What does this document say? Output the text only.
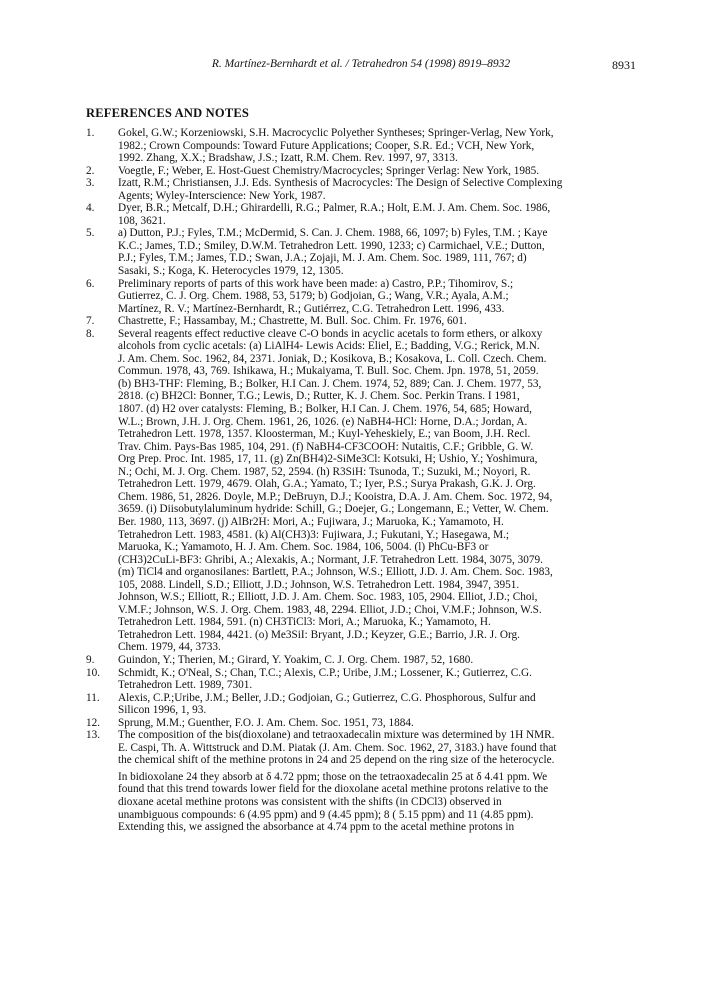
R. Martínez-Bernhardt et al. / Tetrahedron 54 (1998) 8919–8932	8931
REFERENCES AND NOTES
1.	Gokel, G.W.; Korzeniowski, S.H. Macrocyclic Polyether Syntheses; Springer-Verlag, New York,
1982.; Crown Compounds: Toward Future Applications; Cooper, S.R. Ed.; VCH, New York,
1992. Zhang, X.X.; Bradshaw, J.S.; Izatt, R.M. Chem. Rev. 1997, 97, 3313.
2.	Voegtle, F.; Weber, E. Host-Guest Chemistry/Macrocycles; Springer Verlag: New York, 1985.
3.	Izatt, R.M.; Christiansen, J.J. Eds. Synthesis of Macrocycles: The Design of Selective Complexing
Agents; Wyley-Interscience: New York, 1987.
4.	Dyer, B.R.; Metcalf, D.H.; Ghirardelli, R.G.; Palmer, R.A.; Holt, E.M. J. Am. Chem. Soc. 1986,
108, 3621.
5.	a) Dutton, P.J.; Fyles, T.M.; McDermid, S. Can. J. Chem. 1988, 66, 1097; b) Fyles, T.M. ; Kaye
K.C.; James, T.D.; Smiley, D.W.M. Tetrahedron Lett. 1990, 1233; c) Carmichael, V.E.; Dutton,
P.J.; Fyles, T.M.; James, T.D.; Swan, J.A.; Zojaji, M. J. Am. Chem. Soc. 1989, 111, 767; d)
Sasaki, S.; Koga, K. Heterocycles 1979, 12, 1305.
6.	Preliminary reports of parts of this work have been made: a) Castro, P.P.; Tihomirov, S.;
Gutierrez, C. J. Org. Chem. 1988, 53, 5179; b) Godjoian, G.; Wang, V.R.; Ayala, A.M.;
Martínez, R. V.; Martínez-Bernhardt, R.; Gutiérrez, C.G. Tetrahedron Lett. 1996, 433.
7.	Chastrette, F.; Hassambay, M.; Chastrette, M. Bull. Soc. Chim. Fr. 1976, 601.
8.	Several reagents effect reductive cleave C-O bonds in acyclic acetals to form ethers, or alkoxy
alcohols from cyclic acetals: (a) LiAlH4- Lewis Acids: Eliel, E.; Badding, V.G.; Rerick, M.N.
J. Am. Chem. Soc. 1962, 84, 2371. Joniak, D.; Kosikova, B.; Kosakova, L. Coll. Czech. Chem.
Commun. 1978, 43, 769. Ishikawa, H.; Mukaiyama, T. Bull. Soc. Chem. Jpn. 1978, 51, 2059.
(b) BH3-THF: Fleming, B.; Bolker, H.I Can. J. Chem. 1974, 52, 889; Can. J. Chem. 1977, 53,
2818. (c) BH2Cl: Bonner, T.G.; Lewis, D.; Rutter, K. J. Chem. Soc. Perkin Trans. I 1981,
1807. (d) H2 over catalysts: Fleming, B.; Bolker, H.I Can. J. Chem. 1976, 54, 685; Howard,
W.L.; Brown, J.H. J. Org. Chem. 1961, 26, 1026. (e) NaBH4-HCl: Horne, D.A.; Jordan, A.
Tetrahedron Lett. 1978, 1357. Kloosterman, M.; Kuyl-Yeheskiely, E.; van Boom, J.H. Recl.
Trav. Chim. Pays-Bas 1985, 104, 291. (f) NaBH4-CF3COOH: Nutaitis, C.F.; Gribble, G. W.
Org Prep. Proc. Int. 1985, 17, 11. (g) Zn(BH4)2-SiMe3Cl: Kotsuki, H; Ushio, Y.; Yoshimura,
N.; Ochi, M. J. Org. Chem. 1987, 52, 2594. (h) R3SiH: Tsunoda, T.; Suzuki, M.; Noyori, R.
Tetrahedron Lett. 1979, 4679. Olah, G.A.; Yamato, T.; Iyer, P.S.; Surya Prakash, G.K. J. Org.
Chem. 1986, 51, 2826. Doyle, M.P.; DeBruyn, D.J.; Kooistra, D.A. J. Am. Chem. Soc. 1972, 94,
3659. (i) Diisobutylaluminum hydride: Schill, G.; Doejer, G.; Longemann, E.; Vetter, W. Chem.
Ber. 1980, 113, 3697. (j) AlBr2H: Mori, A.; Fujiwara, J.; Maruoka, K.; Yamamoto, H.
Tetrahedron Lett. 1983, 4581. (k) Al(CH3)3: Fujiwara, J.; Fukutani, Y.; Hasegawa, M.;
Maruoka, K.; Yamamoto, H. J. Am. Chem. Soc. 1984, 106, 5004. (l) PhCu-BF3 or
(CH3)2CuLi-BF3: Ghribi, A.; Alexakis, A.; Normant, J.F. Tetrahedron Lett. 1984, 3075, 3079.
(m) TiCl4 and organosilanes: Bartlett, P.A.; Johnson, W.S.; Elliott, J.D. J. Am. Chem. Soc. 1983,
105, 2088. Lindell, S.D.; Elliott, J.D.; Johnson, W.S. Tetrahedron Lett. 1984, 3947, 3951.
Johnson, W.S.; Elliott, R.; Elliott, J.D. J. Am. Chem. Soc. 1983, 105, 2904. Elliot, J.D.; Choi,
V.M.F.; Johnson, W.S. J. Org. Chem. 1983, 48, 2294. Elliot, J.D.; Choi, V.M.F.; Johnson, W.S.
Tetrahedron Lett. 1984, 591. (n) CH3TiCl3: Mori, A.; Maruoka, K.; Yamamoto, H.
Tetrahedron Lett. 1984, 4421. (o) Me3SiI: Bryant, J.D.; Keyzer, G.E.; Barrio, J.R. J. Org.
Chem. 1979, 44, 3733.
9.	Guindon, Y.; Therien, M.; Girard, Y. Yoakim, C. J. Org. Chem. 1987, 52, 1680.
10.	Schmidt, K.; O'Neal, S.; Chan, T.C.; Alexis, C.P.; Uribe, J.M.; Lossener, K.; Gutierrez, C.G.
Tetrahedron Lett. 1989, 7301.
11.	Alexis, C.P.;Uribe, J.M.; Beller, J.D.; Godjoian, G.; Gutierrez, C.G. Phosphorous, Sulfur and
Silicon 1996, 1, 93.
12.	Sprung, M.M.; Guenther, F.O. J. Am. Chem. Soc. 1951, 73, 1884.
13.	The composition of the bis(dioxolane) and tetraoxadecalin mixture was determined by 1H NMR.
E. Caspi, Th. A. Wittstruck and D.M. Piatak (J. Am. Chem. Soc. 1962, 27, 3183.) have found that
the chemical shift of the methine protons in 24 and 25 depend on the ring size of the heterocycle.
In bidioxolane 24 they absorb at δ 4.72 ppm; those on the tetraoxadecalin 25 at δ 4.41 ppm. We
found that this trend towards lower field for the dioxolane acetal methine protons relative to the
dioxane acetal methine protons was consistent with the shifts (in CDCl3) observed in
unambiguous compounds: 6 (4.95 ppm) and 9 (4.45 ppm); 8 ( 5.15 ppm) and 11 (4.85 ppm).
Extending this, we assigned the absorbance at 4.74 ppm to the acetal methine protons in
